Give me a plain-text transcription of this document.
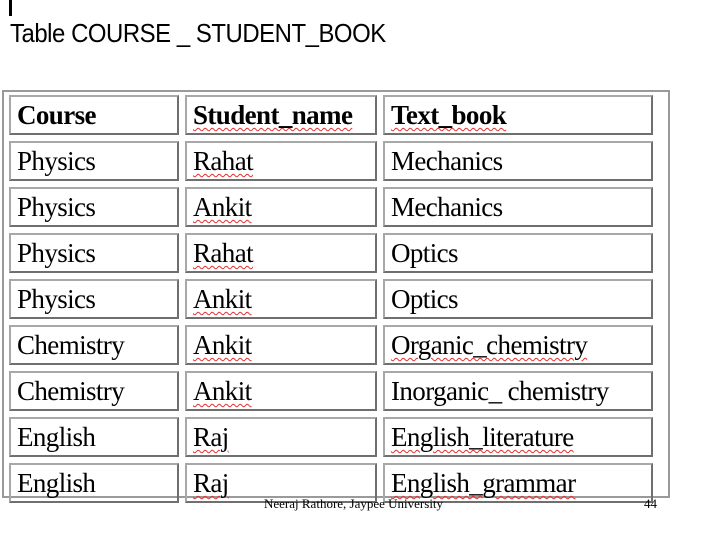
Table COURSE _ STUDENT_BOOK
Course	Student_name	Text_book
Physics	Rahat	Mechanics
Physics	Ankit	Mechanics
Physics	Rahat	Optics
Physics	Ankit	Optics
Chemistry	Ankit	Organic_chemistry
Chemistry	Ankit	Inorganic_ chemistry
English	Raj	English_literature
English	Raj	English_grammar
Neeraj Rathore, Jaypee University	44
